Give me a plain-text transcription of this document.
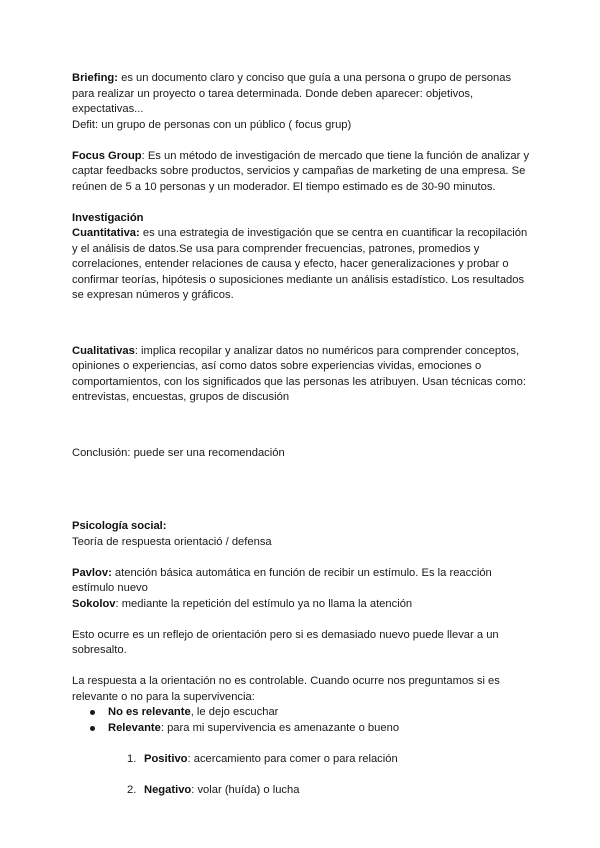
Briefing: es un documento claro y conciso que guía a una persona o grupo de personas para realizar un proyecto o tarea determinada. Donde deben aparecer: objetivos, expectativas...

Defit: un grupo de personas con un público ( focus grup)

Focus Group: Es un método de investigación de mercado que tiene la función de analizar y captar feedbacks sobre productos, servicios y campañas de marketing de una empresa. Se reúnen de 5 a 10 personas y un moderador. El tiempo estimado es de 30-90 minutos.

Investigación

Cuantitativa: es una estrategia de investigación que se centra en cuantificar la recopilación y el análisis de datos.Se usa para comprender frecuencias, patrones, promedios y correlaciones, entender relaciones de causa y efecto, hacer generalizaciones y probar o confirmar teorías, hipótesis o suposiciones mediante un análisis estadístico. Los resultados se expresan números y gráficos.

Cualitativas: implica recopilar y analizar datos no numéricos para comprender conceptos, opiniones o experiencias, así como datos sobre experiencias vividas, emociones o comportamientos, con los significados que las personas les atribuyen. Usan técnicas como: entrevistas, encuestas, grupos de discusión

Conclusión: puede ser una recomendación

Psicología social:

Teoría de respuesta orientació / defensa

Pavlov: atención básica automática en función de recibir un estímulo. Es la reacción estímulo nuevo

Sokolov: mediante la repetición del estímulo ya no llama la atención

Esto ocurre es un reflejo de orientación pero si es demasiado nuevo puede llevar a un sobresalto.

La respuesta a la orientación no es controlable. Cuando ocurre nos preguntamos si es relevante o no para la supervivencia:

No es relevante, le dejo escuchar
Relevante: para mi supervivencia es amenazante o bueno

1. Positivo: acercamiento para comer o para relación

2. Negativo: volar (huída) o lucha
